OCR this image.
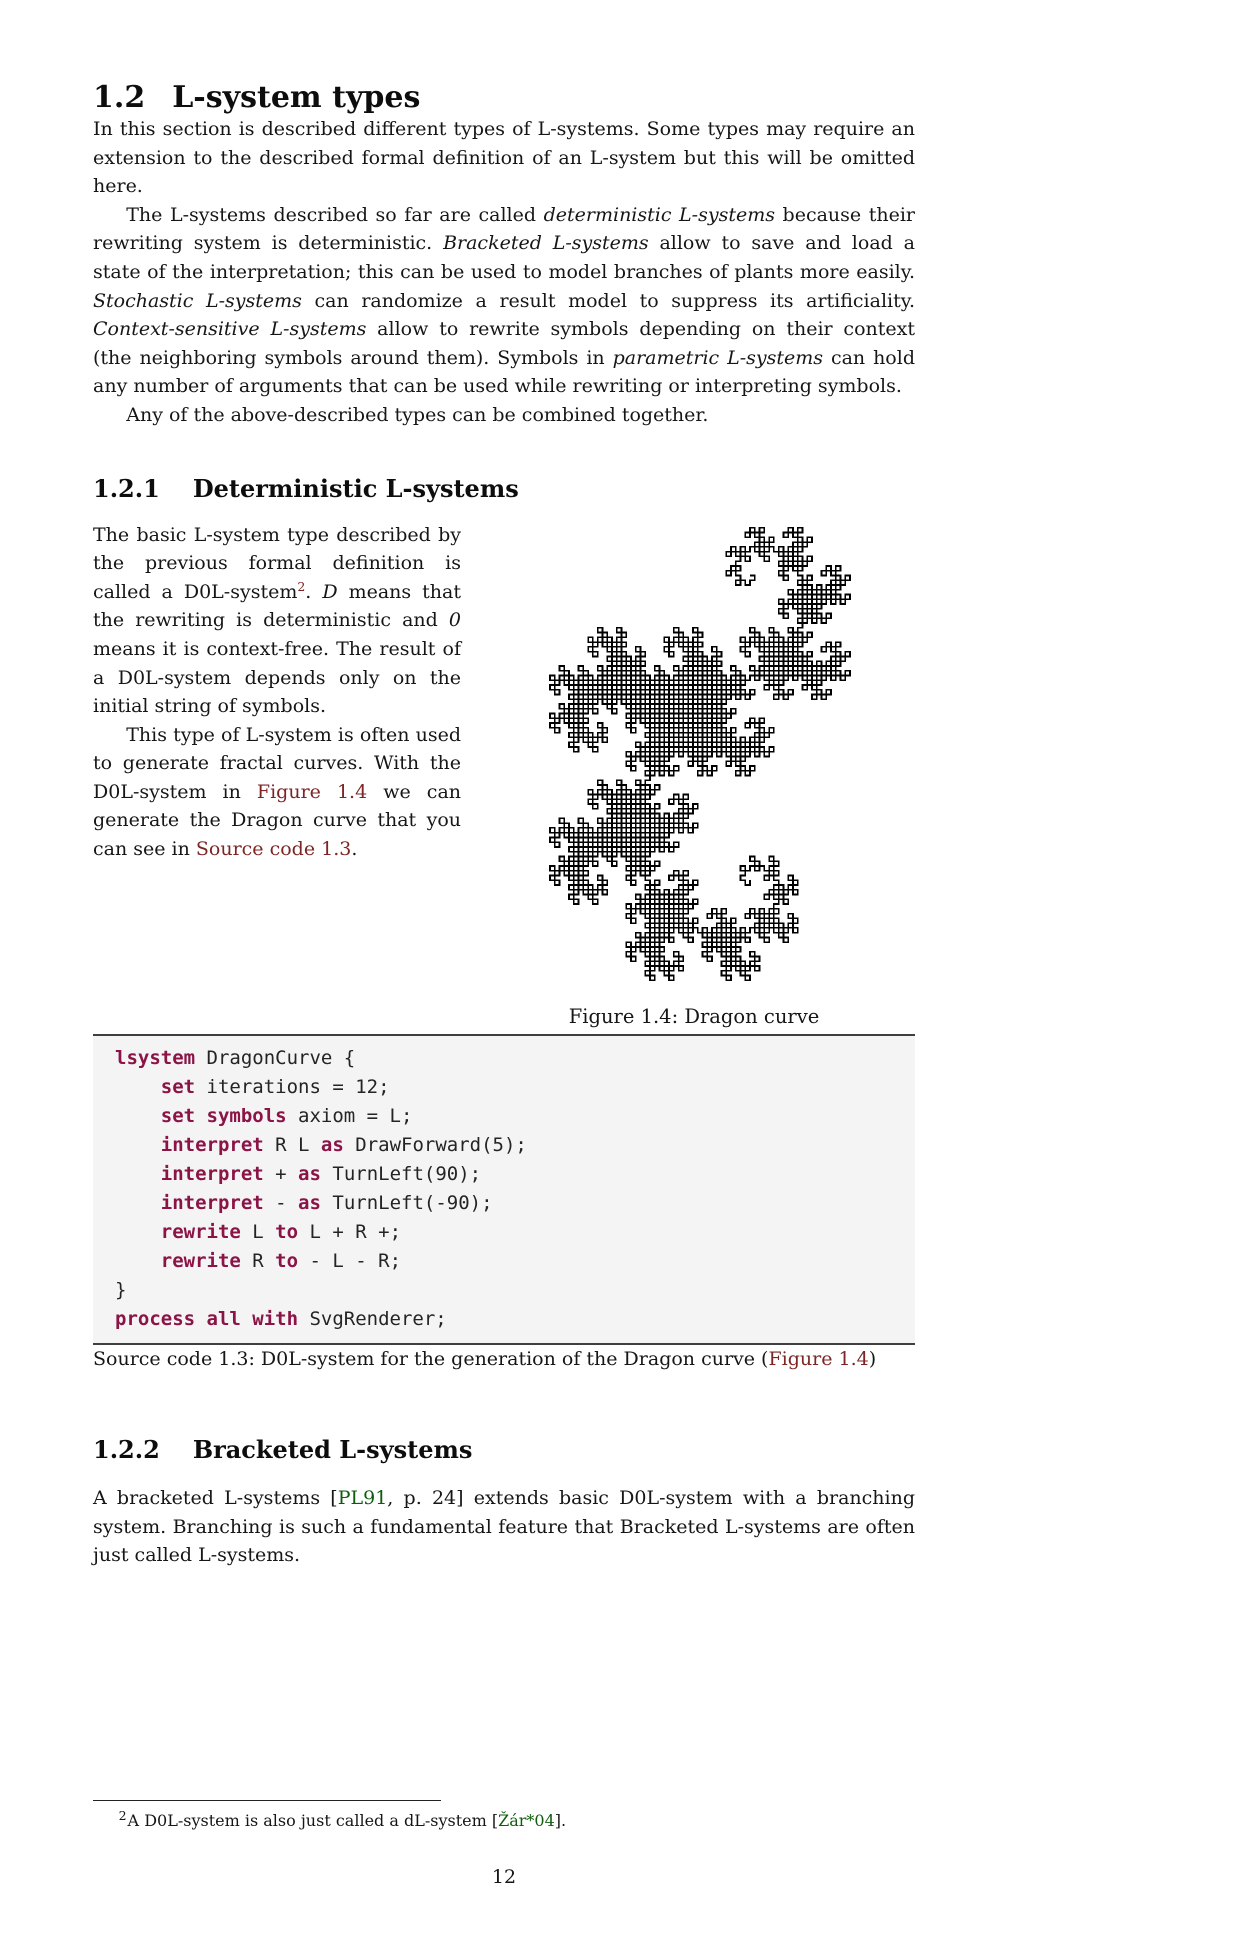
1.2 L-system types

In this section is described different types of L-systems. Some types may require an extension to the described formal definition of an L-system but this will be omitted here.

The L-systems described so far are called deterministic L-systems because their rewriting system is deterministic. Bracketed L-systems allow to save and load a state of the interpretation; this can be used to model branches of plants more easily. Stochastic L-systems can randomize a result model to suppress its artificiality. Context-sensitive L-systems allow to rewrite symbols depending on their context (the neighboring symbols around them). Symbols in parametric L-systems can hold any number of arguments that can be used while rewriting or interpreting symbols.

Any of the above-described types can be combined together.

1.2.1 Deterministic L-systems
Figure 1.4: Dragon curve

The basic L-system type described by the previous formal definition is called a D0L-system$^2$. D means that the rewriting is deterministic and 0 means it is context-free. The result of a D0L-system depends only on the initial string of symbols.

This type of L-system is often used to generate fractal curves. With the D0L-system in Figure 1.4 we can generate the Dragon curve that you can see in Source code 1.3.

lsystem DragonCurve {
set iterations = 12;
set symbols axiom = L;
interpret R L as DrawForward(5);
interpret + as TurnLeft(90);
interpret - as TurnLeft(-90);
rewrite L to L + R +;
rewrite R to - L - R;
}
process all with SvgRenderer;

Source code 1.3: D0L-system for the generation of the Dragon curve (Figure 1.4)

1.2.2 Bracketed L-systems

A bracketed L-systems [PL91, p. 24] extends basic D0L-system with a branching system. Branching is such a fundamental feature that Bracketed L-systems are often just called L-systems.

$^2$A D0L-system is also just called a dL-system [Žár*04].

12
